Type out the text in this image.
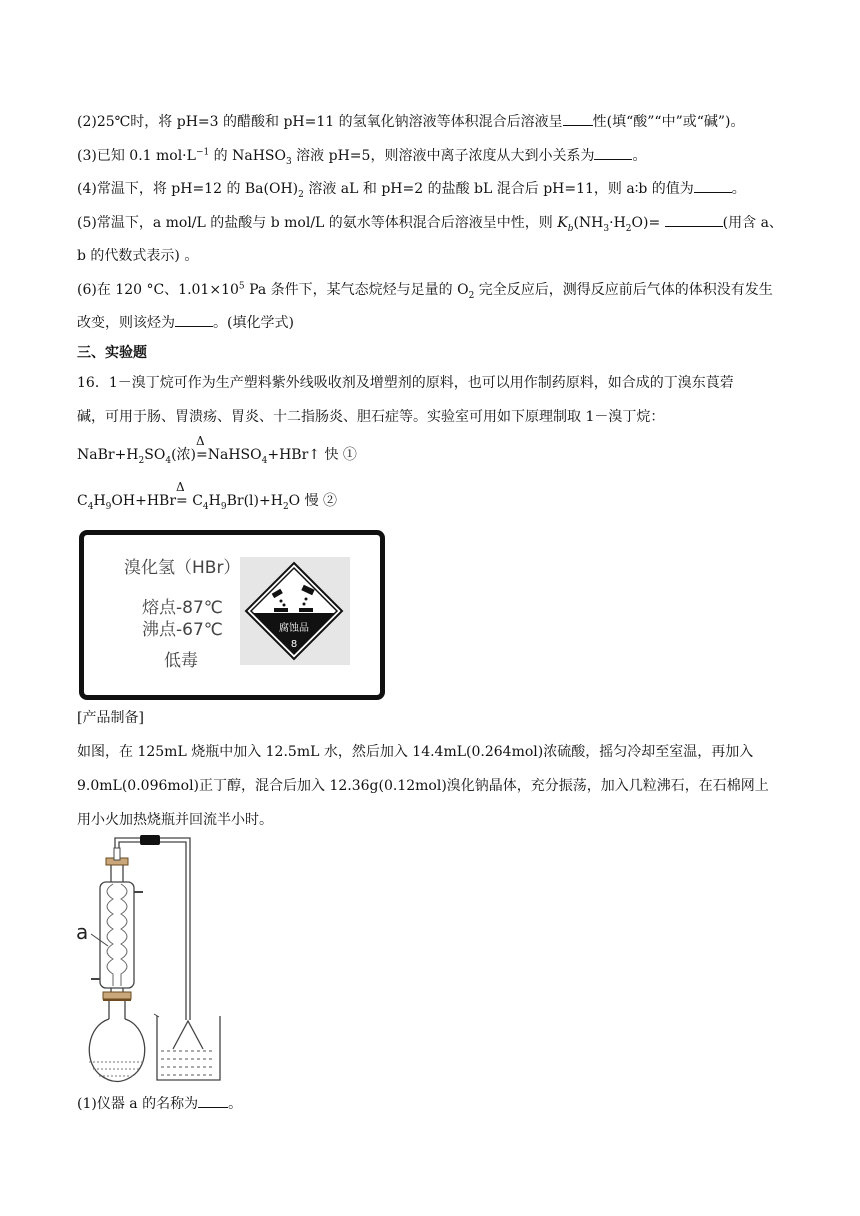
(2)25℃时，将 pH=3 的醋酸和 pH=11 的氢氧化钠溶液等体积混合后溶液呈 性(填“酸”“中”或“碱”)。
(3)已知 0.1 $mol\cdot L^{-1}$ 的 NaHSO$_3$ 溶液 pH=5，则溶液中离子浓度从大到小关系为	。
(4)常温下，将 pH=12 的 $Ba(OH)_2$ 溶液 aL 和 pH=2 的盐酸 bL 混合后 pH=11，则 a∶b 的值为	。
(5)常温下，a mol/L 的盐酸与 b mol/L 的氨水等体积混合后溶液呈中性，则 $K_b(NH_3\cdot H_2O)=$	(用含 a、
b 的代数式表示) 。
(6)在 120 °C、$1.01\times 10^5$ Pa 条件下，某气态烷烃与足量的 $O_2$ 完全反应后，测得反应前后气体的体积没有发生
改变，则该烃为	。(填化学式)
三、实验题
16．1－溴丁烷可作为生产塑料紫外线吸收剂及增塑剂的原料，也可以用作制药原料，如合成的丁溴东莨菪
碱，可用于肠、胃溃疡、胃炎、十二指肠炎、胆石症等。实验室可用如下原理制取 1－溴丁烷：
$NaBr+H_2SO_4$(浓)
Δ
=NaHSO$_4$+HBr↑ 快 ①
$C_4H_9OH+HBr$
Δ
= $C_4H_9Br(l)+H_2O$ 慢 ②
溴化氢（HBr）
熔点-87℃
沸点-67℃
低毒
腐蚀品
8
[产品制备]
如图，在 125mL 烧瓶中加入 12.5mL 水，然后加入 14.4mL(0.264mol)浓硫酸，摇匀冷却至室温，再加入
9.0mL(0.096mol)正丁醇，混合后加入 12.36g(0.12mol)溴化钠晶体，充分振荡，加入几粒沸石，在石棉网上
用小火加热烧瓶并回流半小时。
a
(1)仪器 a 的名称为 。
